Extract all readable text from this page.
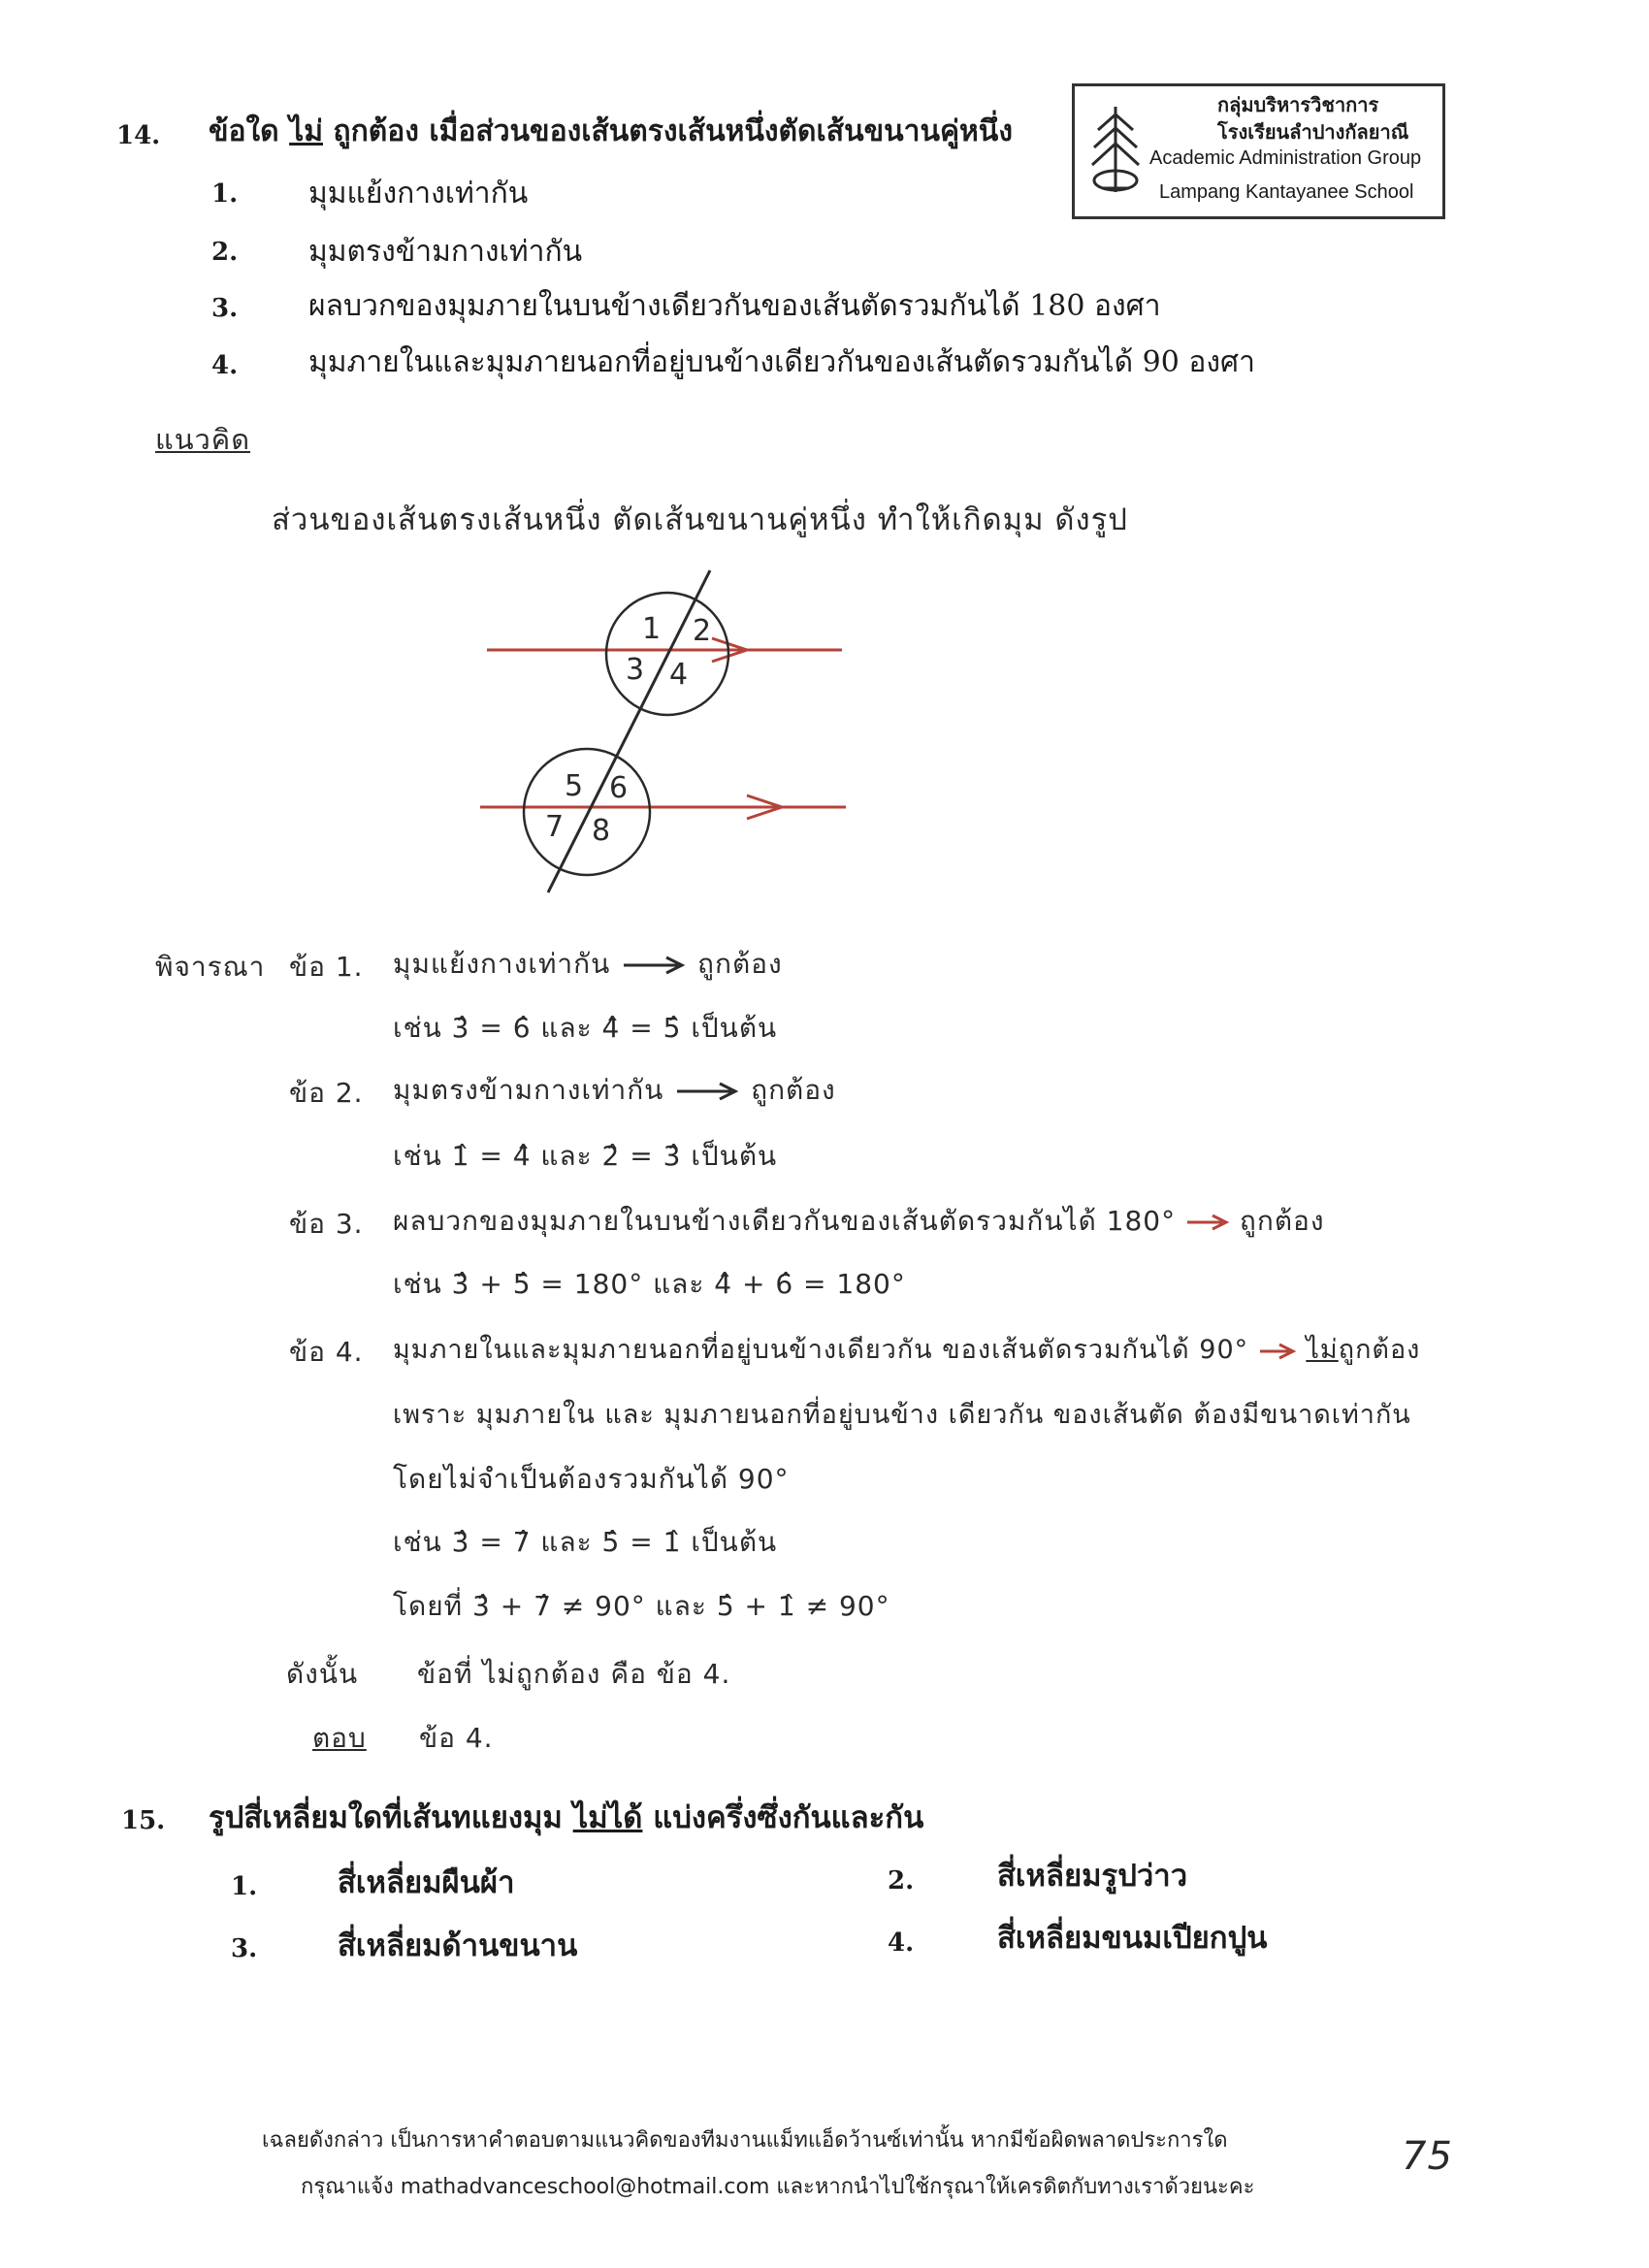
14. ข้อใด ไม่ ถูกต้อง เมื่อส่วนของเส้นตรงเส้นหนึ่งตัดเส้นขนานคู่หนึ่ง
1. มุมแย้งกางเท่ากัน
2. มุมตรงข้ามกางเท่ากัน
3. ผลบวกของมุมภายในบนข้างเดียวกันของเส้นตัดรวมกันได้ 180 องศา
4. มุมภายในและมุมภายนอกที่อยู่บนข้างเดียวกันของเส้นตัดรวมกันได้ 90 องศา
กลุ่มบริหารวิชาการ
โรงเรียนลำปางกัลยาณี
Academic Administration Group
Lampang Kantayanee School
แนวคิด
ส่วนของเส้นตรงเส้นหนึ่ง ตัดเส้นขนานคู่หนึ่ง ทำให้เกิดมุม ดังรูป
1 2
3 4
5 6
7 8
พิจารณา ข้อ 1. มุมแย้งกางเท่ากัน	ถูกต้อง
เช่น 3̂ = 6̂ และ 4̂ = 5̂ เป็นต้น
ข้อ 2. มุมตรงข้ามกางเท่ากัน	ถูกต้อง
เช่น 1̂ = 4̂ และ 2̂ = 3̂ เป็นต้น
ข้อ 3. ผลบวกของมุมภายในบนข้างเดียวกันของเส้นตัดรวมกันได้ 180° ถูกต้อง
เช่น 3̂ + 5̂ = 180° และ 4̂ + 6̂ = 180°
ข้อ 4. มุมภายในและมุมภายนอกที่อยู่บนข้างเดียวกัน ของเส้นตัดรวมกันได้ 90° ไม่ถูกต้อง
เพราะ มุมภายใน และ มุมภายนอกที่อยู่บนข้าง เดียวกัน ของเส้นตัด ต้องมีขนาดเท่ากัน
โดยไม่จำเป็นต้องรวมกันได้ 90°
เช่น 3̂ = 7̂ และ 5̂ = 1̂ เป็นต้น
โดยที่ 3̂ + 7̂ ≠ 90° และ 5̂ + 1̂ ≠ 90°
ดังนั้น ข้อที่ ไม่ถูกต้อง คือ ข้อ 4.
ตอบ ข้อ 4.
15. รูปสี่เหลี่ยมใดที่เส้นทแยงมุม ไม่ได้ แบ่งครึ่งซึ่งกันและกัน
1.	สี่เหลี่ยมผืนผ้า	2.	สี่เหลี่ยมรูปว่าว
3.	สี่เหลี่ยมด้านขนาน	4.	สี่เหลี่ยมขนมเปียกปูน
เฉลยดังกล่าว เป็นการหาคำตอบตามแนวคิดของทีมงานแม็ทแอ็ดว้านซ์เท่านั้น หากมีข้อผิดพลาดประการใด
กรุณาแจ้ง mathadvanceschool@hotmail.com และหากนำไปใช้กรุณาให้เครดิตกับทางเราด้วยนะคะ
75
